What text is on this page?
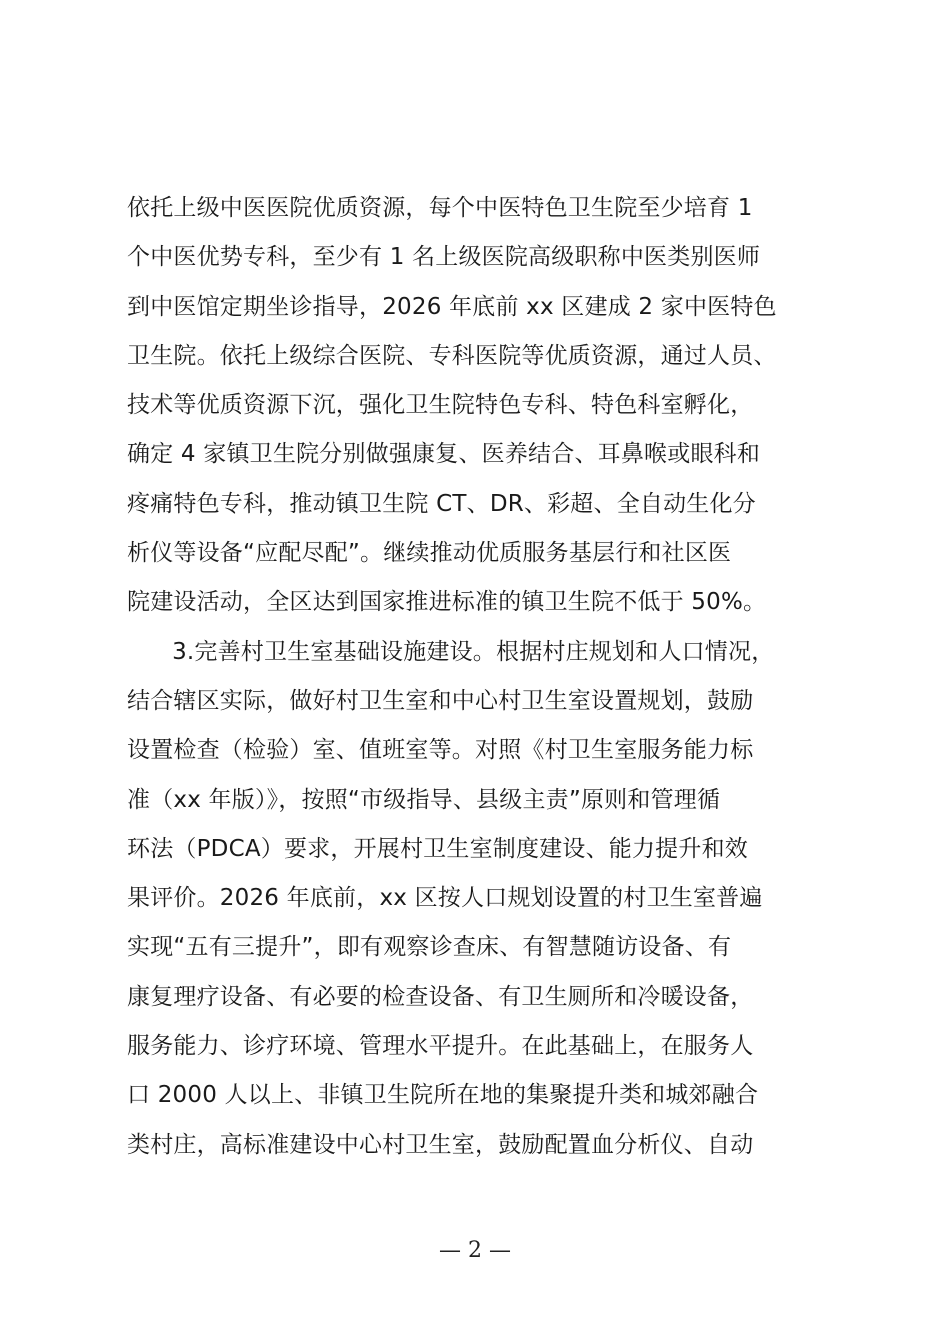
依托上级中医医院优质资源，每个中医特色卫生院至少培育 1
个中医优势专科，至少有 1 名上级医院高级职称中医类别医师
到中医馆定期坐诊指导，2026 年底前 xx 区建成 2 家中医特色
卫生院。依托上级综合医院、专科医院等优质资源，通过人员、
技术等优质资源下沉，强化卫生院特色专科、特色科室孵化，
确定 4 家镇卫生院分别做强康复、医养结合、耳鼻喉或眼科和
疼痛特色专科，推动镇卫生院 CT、DR、彩超、全自动生化分
析仪等设备“应配尽配”。继续推动优质服务基层行和社区医
院建设活动，全区达到国家推进标准的镇卫生院不低于 50%。
3.完善村卫生室基础设施建设。根据村庄规划和人口情况，
结合辖区实际，做好村卫生室和中心村卫生室设置规划，鼓励
设置检查（检验）室、值班室等。对照《村卫生室服务能力标
准（xx 年版）》，按照“市级指导、县级主责”原则和管理循
环法（PDCA）要求，开展村卫生室制度建设、能力提升和效
果评价。2026 年底前，xx 区按人口规划设置的村卫生室普遍
实现“五有三提升”，即有观察诊查床、有智慧随访设备、有
康复理疗设备、有必要的检查设备、有卫生厕所和冷暖设备，
服务能力、诊疗环境、管理水平提升。在此基础上，在服务人
口 2000 人以上、非镇卫生院所在地的集聚提升类和城郊融合
类村庄，高标准建设中心村卫生室，鼓励配置血分析仪、自动
— 2 —
